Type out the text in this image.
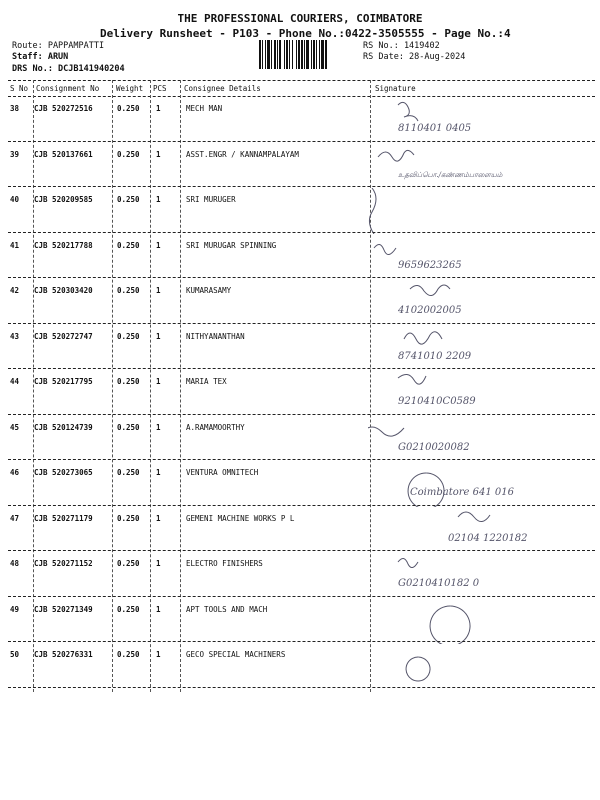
THE PROFESSIONAL COURIERS, COIMBATORE
Delivery Runsheet - P103 - Phone No.:0422-3505555 - Page No.:4
Route: PAPPAMPATTI
Staff: ARUN
DRS No.: DCJB141940204
RS No.: 1419402
RS Date: 28-Aug-2024
S No Consignment No Weight PCS Consignee Details	Signature
38 CJB 520272516	0.250 1	MECH MAN
8110401 0405
39 CJB 520137661	0.250 1	ASST.ENGR / KANNAMPALAYAM
உதவிப்பொ./கண்ணம்பாளையம்
40 CJB 520209585	0.250 1	SRI MURUGER
41 CJB 520217788	0.250 1	SRI MURUGAR SPINNING
9659623265
42 CJB 520303420	0.250 1	KUMARASAMY
4102002005
43 CJB 520272747	0.250 1	NITHYANANTHAN
8741010 2209
44 CJB 520217795	0.250 1	MARIA TEX
9210410C0589
45 CJB 520124739	0.250 1	A.RAMAMOORTHY
G0210020082
46 CJB 520273065	0.250 1	VENTURA OMNITECH
Coimbatore 641 016
47 CJB 520271179	0.250 1	GEMENI MACHINE WORKS P L
02104 1220182
48 CJB 520271152	0.250 1	ELECTRO FINISHERS
G0210410182 0
49 CJB 520271349	0.250 1	APT TOOLS AND MACH
50 CJB 520276331	0.250 1	GECO SPECIAL MACHINERS
